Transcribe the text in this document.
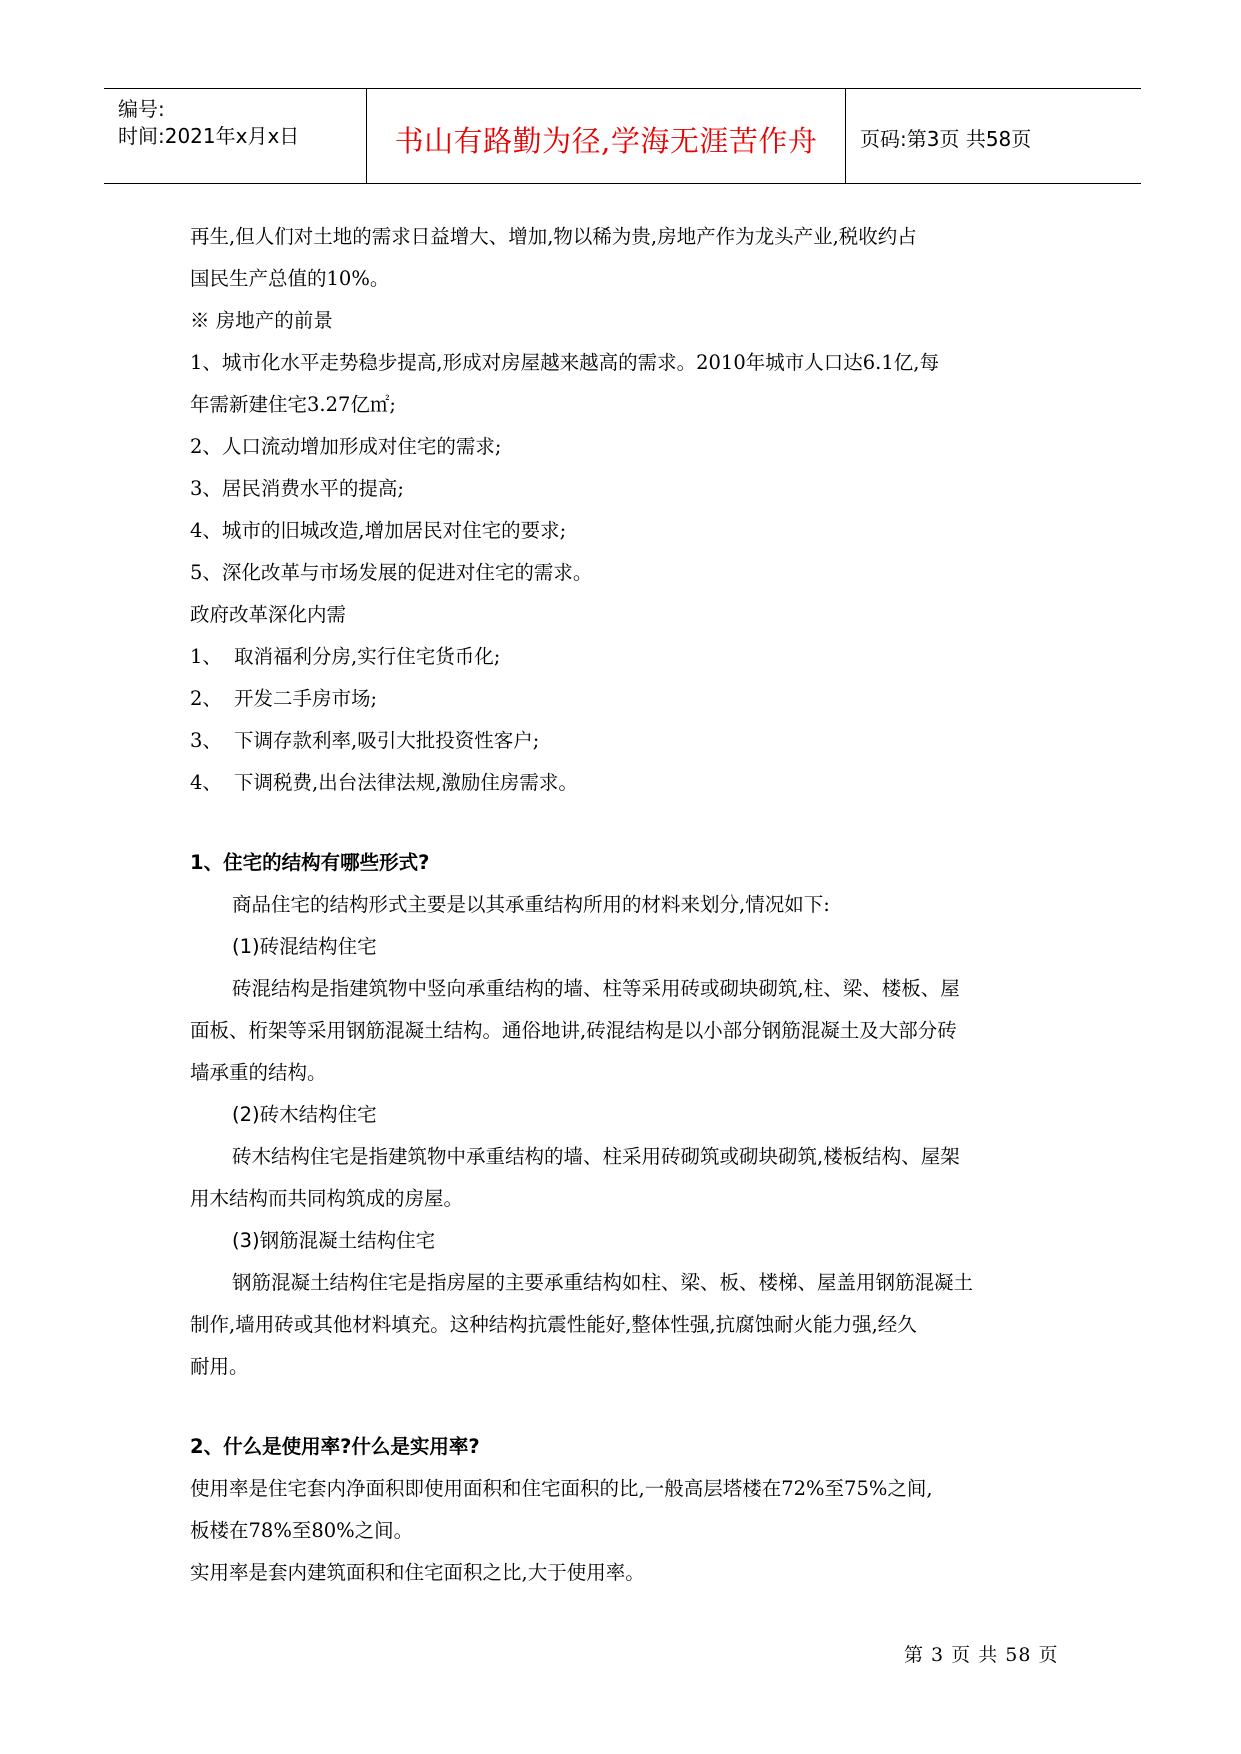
编号:
时间:2021年x月x日	书山有路勤为径,学海无涯苦作舟	页码:第3页 共58页

再生,但人们对土地的需求日益增大、增加,物以稀为贵,房地产作为龙头产业,税收约占

国民生产总值的10%。

※ 房地产的前景

1、城市化水平走势稳步提高,形成对房屋越来越高的需求。2010年城市人口达6.1亿,每

年需新建住宅3.27亿㎡;

2、人口流动增加形成对住宅的需求;

3、居民消费水平的提高;

4、城市的旧城改造,增加居民对住宅的要求;

5、深化改革与市场发展的促进对住宅的需求。

政府改革深化内需

1、 取消福利分房,实行住宅货币化;

2、 开发二手房市场;

3、 下调存款利率,吸引大批投资性客户;

4、 下调税费,出台法律法规,激励住房需求。

1、住宅的结构有哪些形式?

商品住宅的结构形式主要是以其承重结构所用的材料来划分,情况如下:

(1)砖混结构住宅

砖混结构是指建筑物中竖向承重结构的墙、柱等采用砖或砌块砌筑,柱、梁、楼板、屋

面板、桁架等采用钢筋混凝土结构。通俗地讲,砖混结构是以小部分钢筋混凝土及大部分砖

墙承重的结构。

(2)砖木结构住宅

砖木结构住宅是指建筑物中承重结构的墙、柱采用砖砌筑或砌块砌筑,楼板结构、屋架

用木结构而共同构筑成的房屋。

(3)钢筋混凝土结构住宅

钢筋混凝土结构住宅是指房屋的主要承重结构如柱、梁、板、楼梯、屋盖用钢筋混凝土

制作,墙用砖或其他材料填充。这种结构抗震性能好,整体性强,抗腐蚀耐火能力强,经久

耐用。

2、什么是使用率?什么是实用率?

使用率是住宅套内净面积即使用面积和住宅面积的比,一般高层塔楼在72%至75%之间,

板楼在78%至80%之间。

实用率是套内建筑面积和住宅面积之比,大于使用率。

第 3 页 共 58 页
